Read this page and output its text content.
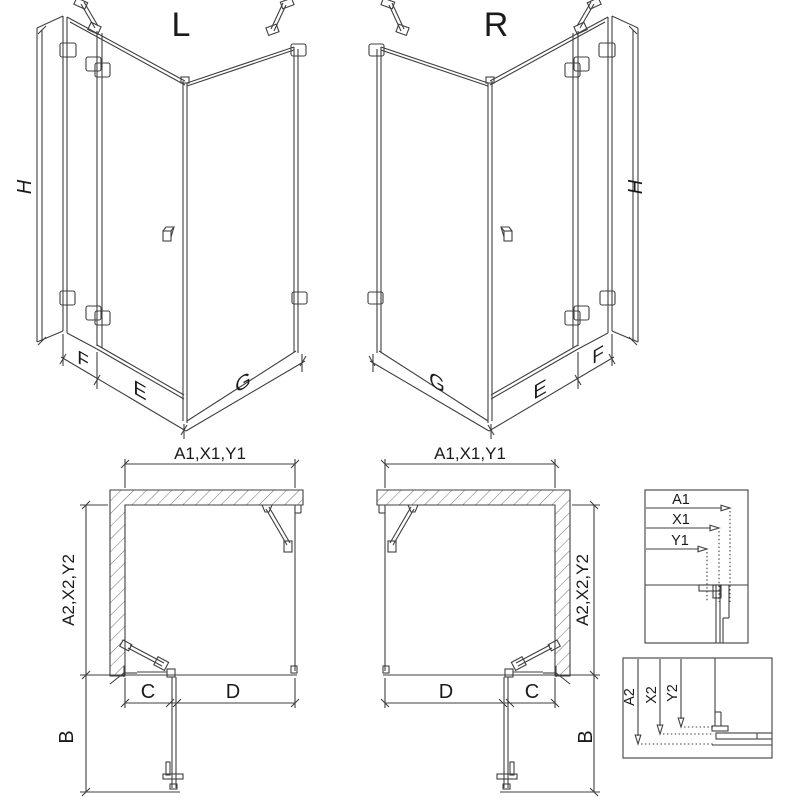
L
H
F
E	G
R
H
G	E
F
A1,X1,Y1
A2,X2,Y2
C	D
B
A1,X1,Y1
A2,X2,Y2
D	C
B
A1
X1
Y1
A2 X2 Y2
